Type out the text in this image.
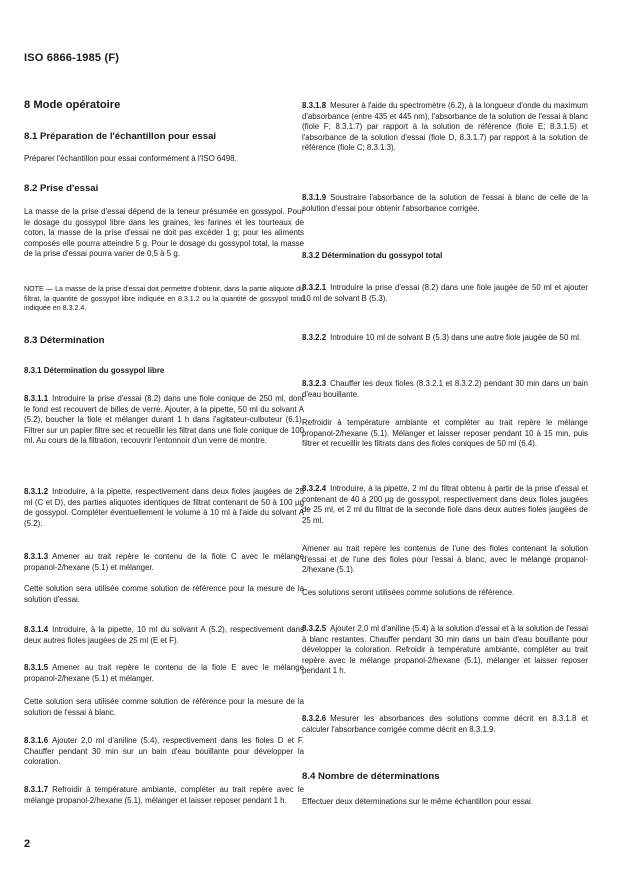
ISO 6866-1985 (F)
8 Mode opératoire
8.1 Préparation de l'échantillon pour essai
Préparer l'échantillon pour essai conformément à l'ISO 6498.
8.2 Prise d'essai
La masse de la prise d'essai dépend de la teneur présumée en gossypol. Pour le dosage du gossypol libre dans les graines, les farines et les tourteaux de coton, la masse de la prise d'essai ne doit pas excéder 1 g; pour les aliments composés elle pourra atteindre 5 g. Pour le dosage du gossypol total, la masse de la prise d'essai pourra varier de 0,5 à 5 g.
NOTE — La masse de la prise d'essai doit permettre d'obtenir, dans la partie aliquote du filtrat, la quantité de gossypol libre indiquée en 8.3.1.2 ou la quantité de gossypol total indiquée en 8.3.2.4.
8.3 Détermination
8.3.1 Détermination du gossypol libre
8.3.1.1 Introduire la prise d'essai (8.2) dans une fiole conique de 250 ml, dont le fond est recouvert de billes de verre. Ajouter, à la pipette, 50 ml du solvant A (5.2), boucher la fiole et mélanger durant 1 h dans l'agitateur-culbuteur (6.1). Filtrer sur un papier filtre sec et recueillir les filtrat dans une fiole conique de 100 ml. Au cours de la filtration, recouvrir l'entonnoir d'un verre de montre.
8.3.1.2 Introduire, à la pipette, respectivement dans deux fioles jaugées de 25 ml (C et D), des parties aliquotes identiques de filtrat contenant de 50 à 100 µg de gossypol. Compléter éventuellement le volume à 10 ml à l'aide du solvant A (5.2).
8.3.1.3 Amener au trait repère le contenu de la fiole C avec le mélange propanol-2/hexane (5.1) et mélanger.
Cette solution sera utilisée comme solution de référence pour la mesure de la solution d'essai.
8.3.1.4 Introduire, à la pipette, 10 ml du solvant A (5.2), respectivement dans deux autres fioles jaugées de 25 ml (E et F).
8.3.1.5 Amener au trait repère le contenu de la fiole E avec le mélange propanol-2/hexane (5.1) et mélanger.
Cette solution sera utilisée comme solution de référence pour la mesure de la solution de l'essai à blanc.
8.3.1.6 Ajouter 2,0 ml d'aniline (5.4), respectivement dans les fioles D et F. Chauffer pendant 30 min sur un bain d'eau bouillante pour développer la coloration.
8.3.1.7 Refroidir à température ambiante, compléter au trait repère avec le mélange propanol-2/hexane (5.1), mélanger et laisser reposer pendant 1 h.
8.3.1.8 Mesurer à l'aide du spectromètre (6.2), à la longueur d'onde du maximum d'absorbance (entre 435 et 445 nm), l'absorbance de la solution de l'essai à blanc (fiole F; 8.3.1.7) par rapport à la solution de référence (fiole E; 8.3.1.5) et l'absorbance de la solution d'essai (fiole D, 8.3.1.7) par rapport à la solution de référence (fiole C; 8.3.1.3).
8.3.1.9 Soustraire l'absorbance de la solution de l'essai à blanc de celle de la solution d'essai pour obtenir l'absorbance corrigée.
8.3.2 Détermination du gossypol total
8.3.2.1 Introduire la prise d'essai (8.2) dans une fiole jaugée de 50 ml et ajouter 10 ml de solvant B (5.3).
8.3.2.2 Introduire 10 ml de solvant B (5.3) dans une autre fiole jaugée de 50 ml.
8.3.2.3 Chauffer les deux fioles (8.3.2.1 et 8.3.2.2) pendant 30 min dans un bain d'eau bouillante.
Refroidir à température ambiante et compléter au trait repère le mélange propanol-2/hexane (5.1). Mélanger et laisser reposer pendant 10 à 15 min, puis filtrer et recueillir les filtrats dans des fioles coniques de 50 ml (6.4).
8.3.2.4 Introduire, à la pipette, 2 ml du filtrat obtenu à partir de la prise d'essai et contenant de 40 à 200 µg de gossypol, respectivement dans deux fioles jaugées de 25 ml, et 2 ml du filtrat de la seconde fiole dans deux autres fioles jaugées de 25 ml.
Amener au trait repère les contenus de l'une des fioles contenant la solution d'essai et de l'une des fioles pour l'essai à blanc, avec le mélange propanol-2/hexane (5.1).
Ces solutions seront utilisées comme solutions de référence.
8.3.2.5 Ajouter 2,0 ml d'aniline (5.4) à la solution d'essai et à la solution de l'essai à blanc restantes. Chauffer pendant 30 min dans un bain d'eau bouillante pour développer la coloration. Refroidir à température ambiante, compléter au trait repère avec le mélange propanol-2/hexane (5.1), mélanger et laisser reposer pendant 1 h.
8.3.2.6 Mesurer les absorbances des solutions comme décrit en 8.3.1.8 et calculer l'absorbance corrigée comme décrit en 8.3.1.9.
8.4 Nombre de déterminations
Effectuer deux déterminations sur le même échantillon pour essai.
2
